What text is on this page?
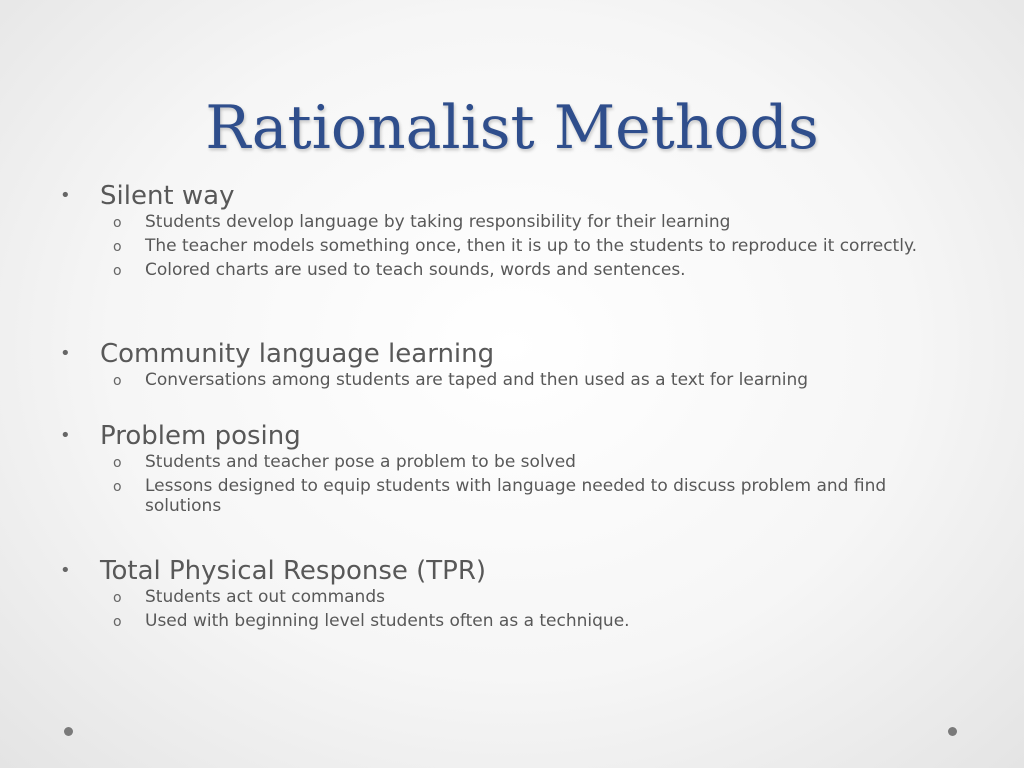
Rationalist Methods
• Silent way
o Students develop language by taking responsibility for their learning
o The teacher models something once, then it is up to the students to reproduce it correctly.
o Colored charts are used to teach sounds, words and sentences.
• Community language learning
o Conversations among students are taped and then used as a text for learning
• Problem posing
o Students and teacher pose a problem to be solved
o Lessons designed to equip students with language needed to discuss problem and find solutions
• Total Physical Response (TPR)
o Students act out commands
o Used with beginning level students often as a technique.
